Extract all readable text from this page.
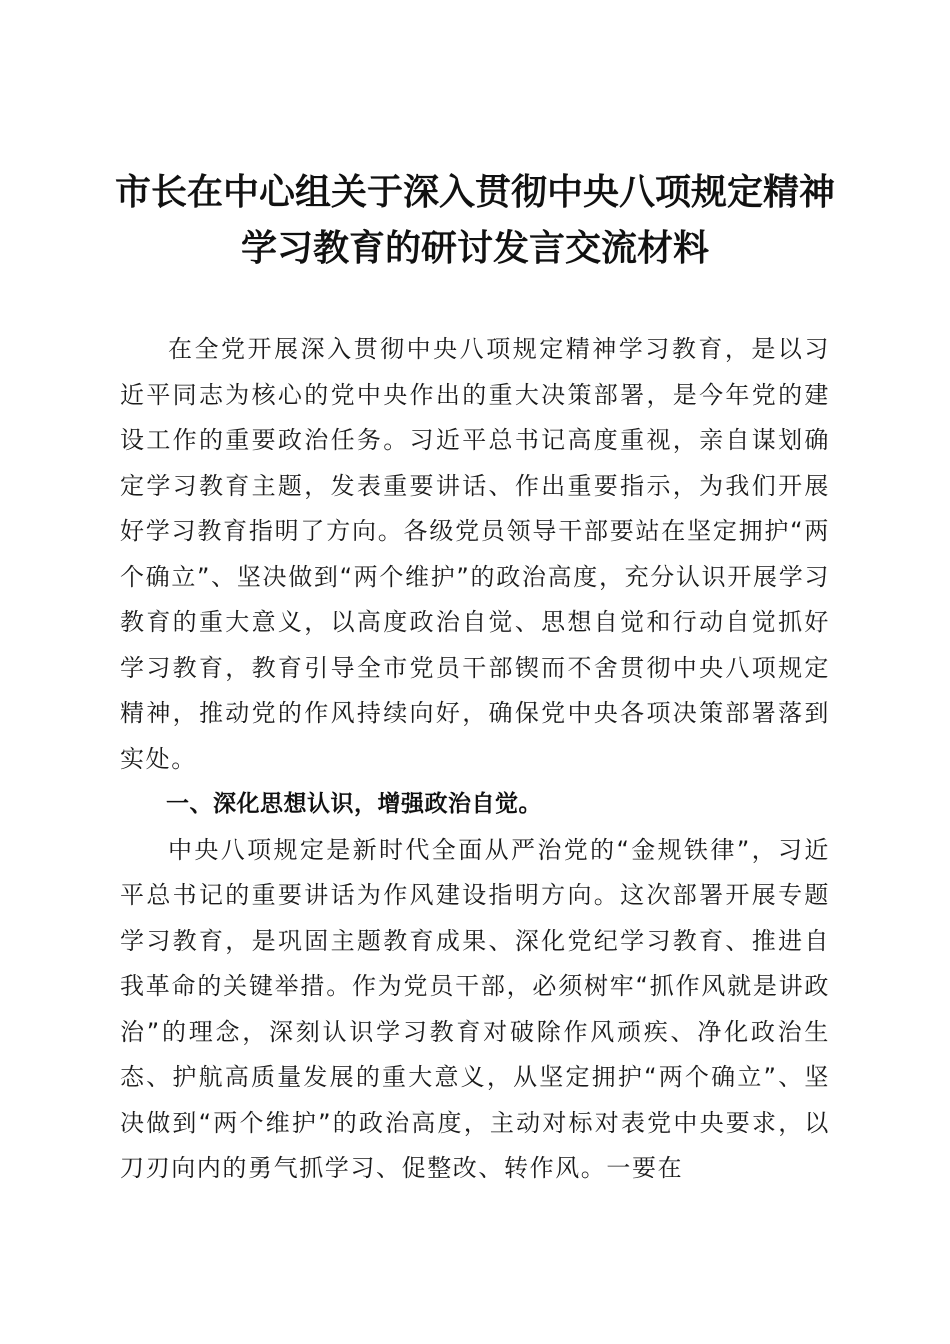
市长在中心组关于深入贯彻中央八项规定精神
学习教育的研讨发言交流材料

在全党开展深入贯彻中央八项规定精神学习教育，是以习近平同志为核心的党中央作出的重大决策部署，是今年党的建设工作的重要政治任务。习近平总书记高度重视，亲自谋划确定学习教育主题，发表重要讲话、作出重要指示，为我们开展好学习教育指明了方向。各级党员领导干部要站在坚定拥护“两个确立”、坚决做到“两个维护”的政治高度，充分认识开展学习教育的重大意义，以高度政治自觉、思想自觉和行动自觉抓好学习教育，教育引导全市党员干部锲而不舍贯彻中央八项规定精神，推动党的作风持续向好，确保党中央各项决策部署落到实处。

一、深化思想认识，增强政治自觉。

中央八项规定是新时代全面从严治党的“金规铁律”，习近平总书记的重要讲话为作风建设指明方向。这次部署开展专题学习教育，是巩固主题教育成果、深化党纪学习教育、推进自我革命的关键举措。作为党员干部，必须树牢“抓作风就是讲政治”的理念，深刻认识学习教育对破除作风顽疾、净化政治生态、护航高质量发展的重大意义，从坚定拥护“两个确立”、坚决做到“两个维护”的政治高度，主动对标对表党中央要求，以刀刃向内的勇气抓学习、促整改、转作风。一要在
